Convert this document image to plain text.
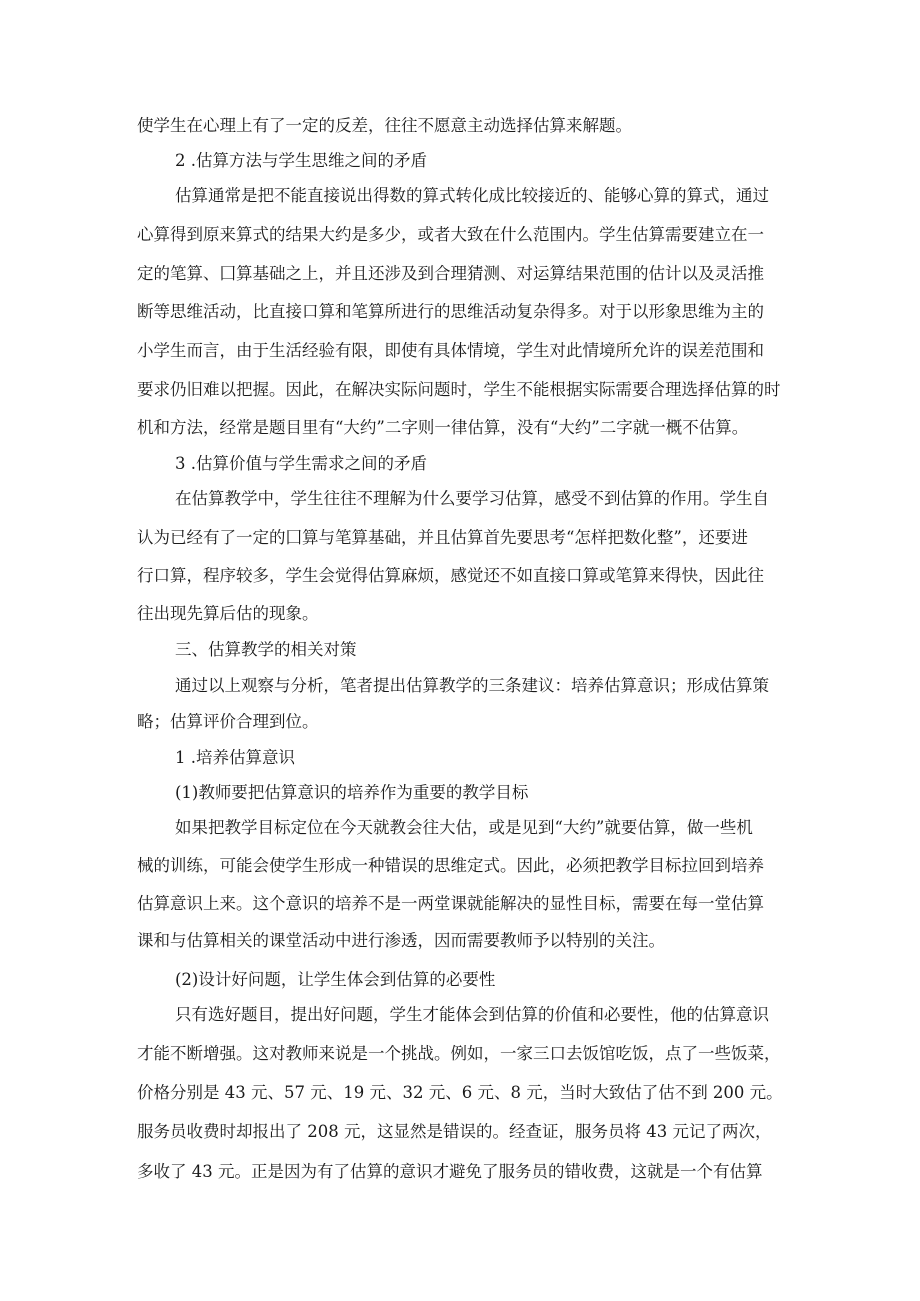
使学生在心理上有了一定的反差，往往不愿意主动选择估算来解题。

2 .估算方法与学生思维之间的矛盾

估算通常是把不能直接说出得数的算式转化成比较接近的、能够心算的算式，通过

心算得到原来算式的结果大约是多少，或者大致在什么范围内。学生估算需要建立在一

定的笔算、囗算基础之上，并且还涉及到合理猜测、对运算结果范围的估计以及灵活推

断等思维活动，比直接口算和笔算所进行的思维活动复杂得多。对于以形象思维为主的

小学生而言，由于生活经验有限，即使有具体情境，学生对此情境所允许的误差范围和

要求仍旧难以把握。因此，在解决实际问题时，学生不能根据实际需要合理选择估算的时

机和方法，经常是题目里有“大约”二字则一律估算，没有“大约”二字就一概不估算。

3 .估算价值与学生需求之间的矛盾

在估算教学中，学生往往不理解为什么要学习估算，感受不到估算的作用。学生自

认为已经有了一定的囗算与笔算基础，并且估算首先要思考“怎样把数化整”，还要进

行口算，程序较多，学生会觉得估算麻烦，感觉还不如直接口算或笔算来得快，因此往

往出现先算后估的现象。

三、估算教学的相关对策

通过以上观察与分析，笔者提出估算教学的三条建议：培养估算意识；形成估算策

略；估算评价合理到位。

1 .培养估算意识

(1)教师要把估算意识的培养作为重要的教学目标

如果把教学目标定位在今天就教会往大估，或是见到“大约”就要估算，做一些机

械的训练，可能会使学生形成一种错误的思维定式。因此，必须把教学目标拉回到培养

估算意识上来。这个意识的培养不是一两堂课就能解决的显性目标，需要在每一堂估算

课和与估算相关的课堂活动中进行渗透，因而需要教师予以特别的关注。

(2)设计好问题，让学生体会到估算的必要性

只有选好题目，提出好问题，学生才能体会到估算的价值和必要性，他的估算意识

才能不断增强。这对教师来说是一个挑战。例如，一家三口去饭馆吃饭，点了一些饭菜，

价格分别是 43 元、57 元、19 元、32 元、6 元、8 元，当时大致估了估不到 200 元。

服务员收费时却报出了 208 元，这显然是错误的。经查证，服务员将 43 元记了两次，

多收了 43 元。正是因为有了估算的意识才避免了服务员的错收费，这就是一个有估算
